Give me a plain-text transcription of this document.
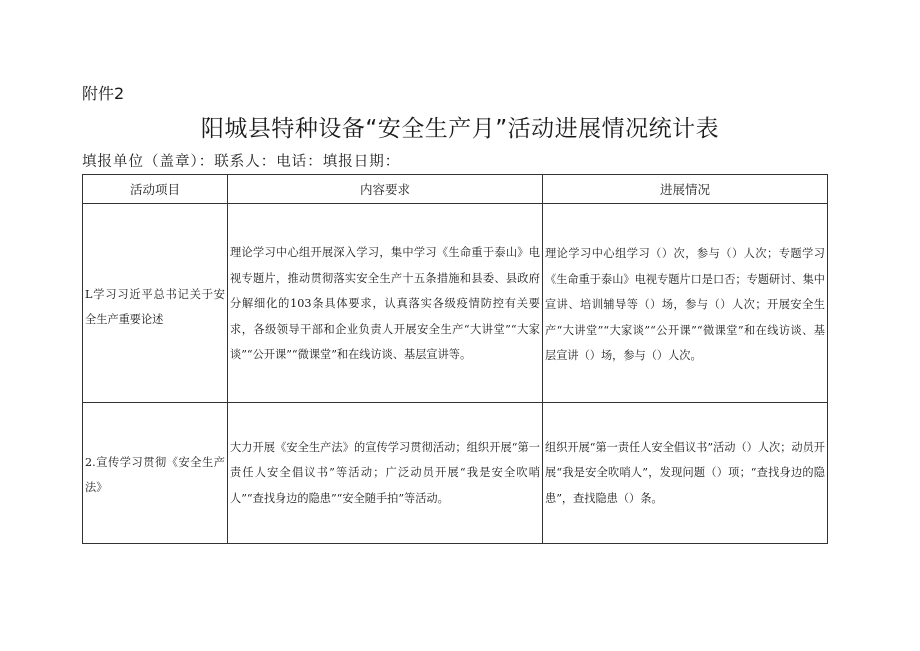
附件2
阳城县特种设备“安全生产月”活动进展情况统计表
填报单位（盖章）：联系人：电话：填报日期：
活动项目	内容要求	进展情况

L学习习近平总书记关于安全生产重要论述	理论学习中心组开展深入学习，集中学习《生命重于泰山》电视专题片，推动贯彻落实安全生产十五条措施和县委、县政府分解细化的103条具体要求，认真落实各级疫情防控有关要求，各级领导干部和企业负责人开展安全生产“大讲堂”“大家谈”“公开课”“微课堂”和在线访谈、基层宣讲等。	理论学习中心组学习（）次，参与（）人次；专题学习《生命重于泰山》电视专题片口是口否；专题研讨、集中宣讲、培训辅导等（）场，参与（）人次；开展安全生产“大讲堂”“大家谈”“公开课”“微课堂”和在线访谈、基层宣讲（）场，参与（）人次。

2.宣传学习贯彻《安全生产法》	大力开展《安全生产法》的宣传学习贯彻活动；组织开展“第一责任人安全倡议书”等活动；广泛动员开展“我是安全吹哨人”“查找身边的隐患”“安全随手拍”等活动。	组织开展“第一责任人安全倡议书”活动（）人次；动员开展“我是安全吹哨人”，发现问题（）项；“查找身边的隐患”，查找隐患（）条。
